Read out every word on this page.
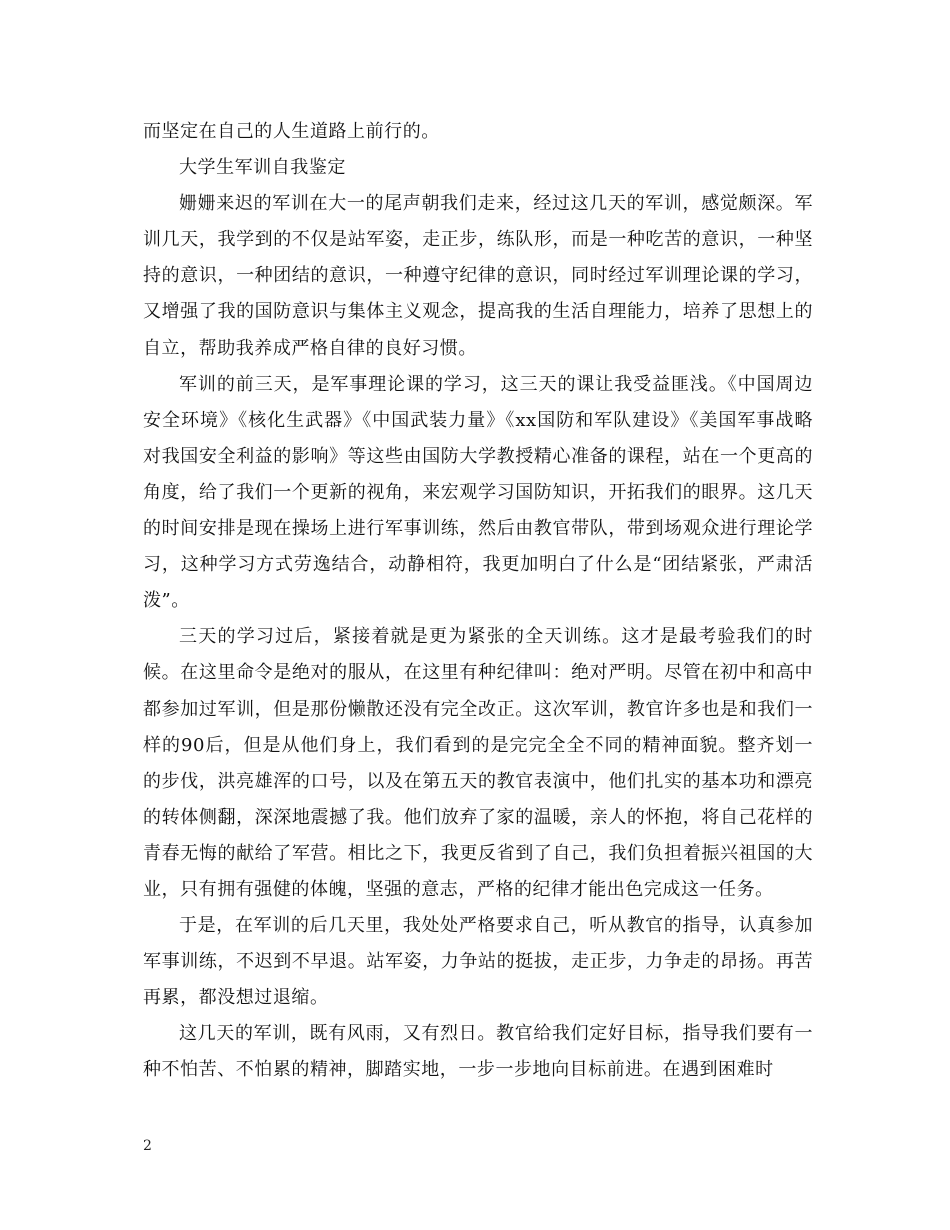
而坚定在自己的人生道路上前行的。

大学生军训自我鉴定

姗姗来迟的军训在大一的尾声朝我们走来，经过这几天的军训，感觉颇深。军训几天，我学到的不仅是站军姿，走正步，练队形，而是一种吃苦的意识，一种坚持的意识，一种团结的意识，一种遵守纪律的意识，同时经过军训理论课的学习，又增强了我的国防意识与集体主义观念，提高我的生活自理能力，培养了思想上的自立，帮助我养成严格自律的良好习惯。

军训的前三天，是军事理论课的学习，这三天的课让我受益匪浅。《中国周边安全环境》《核化生武器》《中国武装力量》《xx国防和军队建设》《美国军事战略对我国安全利益的影响》等这些由国防大学教授精心准备的课程，站在一个更高的角度，给了我们一个更新的视角，来宏观学习国防知识，开拓我们的眼界。这几天的时间安排是现在操场上进行军事训练，然后由教官带队，带到场观众进行理论学习，这种学习方式劳逸结合，动静相符，我更加明白了什么是“团结紧张，严肃活泼”。

三天的学习过后，紧接着就是更为紧张的全天训练。这才是最考验我们的时候。在这里命令是绝对的服从，在这里有种纪律叫：绝对严明。尽管在初中和高中都参加过军训，但是那份懒散还没有完全改正。这次军训，教官许多也是和我们一样的90后，但是从他们身上，我们看到的是完完全全不同的精神面貌。整齐划一的步伐，洪亮雄浑的口号，以及在第五天的教官表演中，他们扎实的基本功和漂亮的转体侧翻，深深地震撼了我。他们放弃了家的温暖，亲人的怀抱，将自己花样的青春无悔的献给了军营。相比之下，我更反省到了自己，我们负担着振兴祖国的大业，只有拥有强健的体魄，坚强的意志，严格的纪律才能出色完成这一任务。

于是，在军训的后几天里，我处处严格要求自己，听从教官的指导，认真参加军事训练，不迟到不早退。站军姿，力争站的挺拔，走正步，力争走的昂扬。再苦再累，都没想过退缩。

这几天的军训，既有风雨，又有烈日。教官给我们定好目标，指导我们要有一种不怕苦、不怕累的精神，脚踏实地，一步一步地向目标前进。在遇到困难时

2
